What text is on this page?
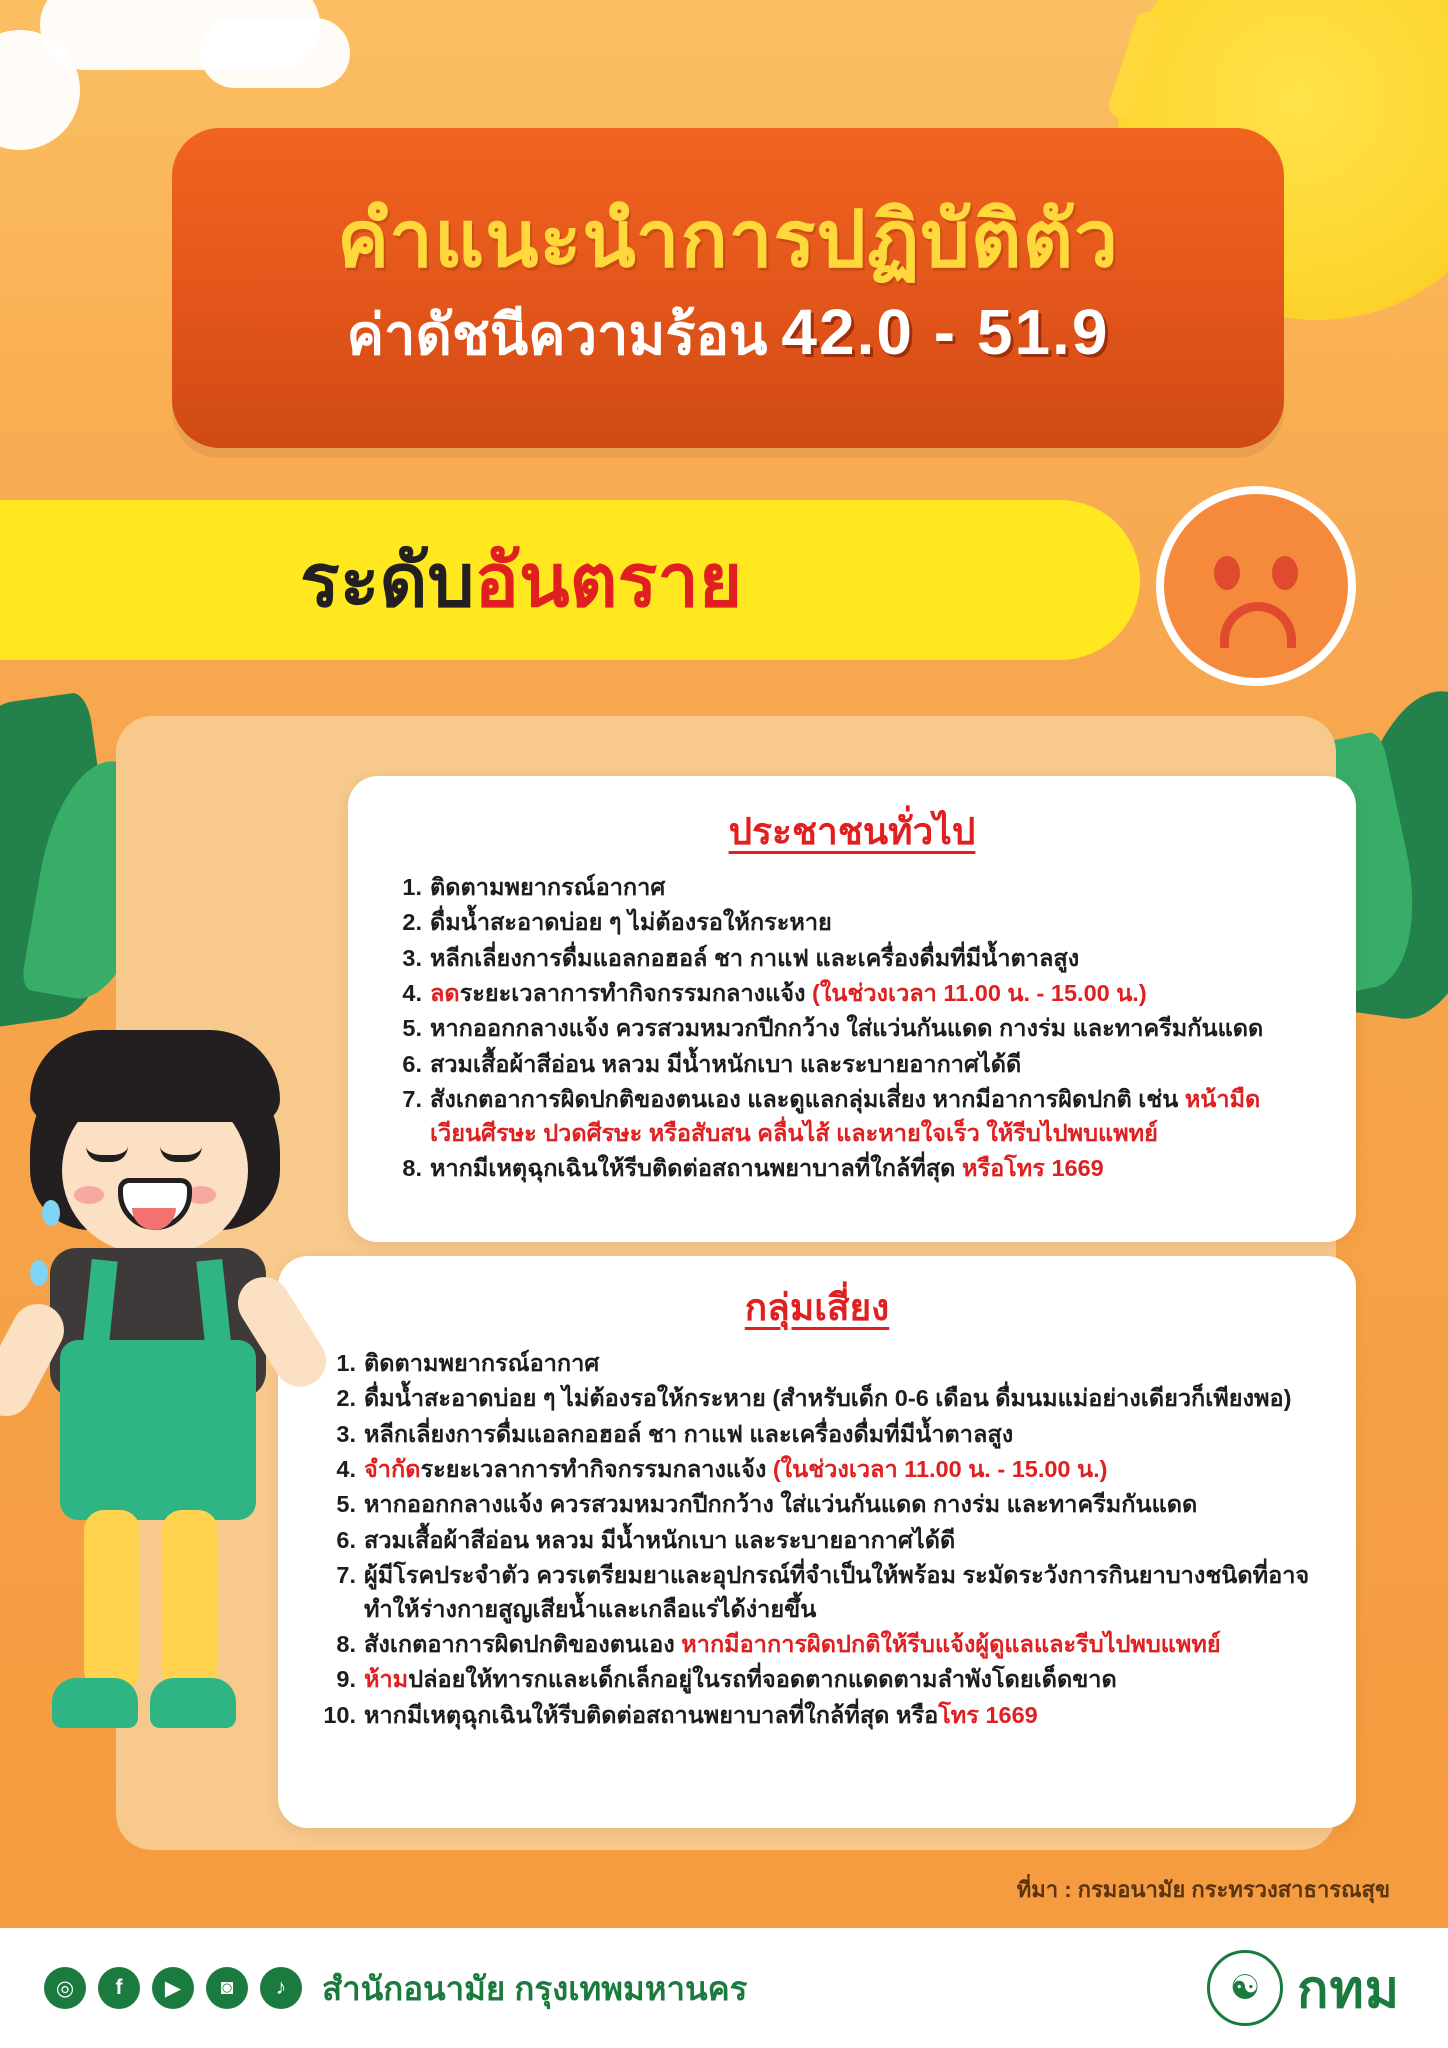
คำแนะนำการปฏิบัติตัว
ค่าดัชนีความร้อน 42.0 - 51.9
ระดับอันตราย
ประชาชนทั่วไป
1. ติดตามพยากรณ์อากาศ
2. ดื่มน้ำสะอาดบ่อย ๆ ไม่ต้องรอให้กระหาย
3. หลีกเลี่ยงการดื่มแอลกอฮอล์ ชา กาแฟ และเครื่องดื่มที่มีน้ำตาลสูง
4. ลดระยะเวลาการทำกิจกรรมกลางแจ้ง (ในช่วงเวลา 11.00 น. - 15.00 น.)
5. หากออกกลางแจ้ง ควรสวมหมวกปีกกว้าง ใส่แว่นกันแดด กางร่ม และทาครีมกันแดด
6. สวมเสื้อผ้าสีอ่อน หลวม มีน้ำหนักเบา และระบายอากาศได้ดี
7. สังเกตอาการผิดปกติของตนเอง และดูแลกลุ่มเสี่ยง หากมีอาการผิดปกติ เช่น หน้ามืด เวียนศีรษะ ปวดศีรษะ หรือสับสน คลื่นไส้ และหายใจเร็ว ให้รีบไปพบแพทย์
8. หากมีเหตุฉุกเฉินให้รีบติดต่อสถานพยาบาลที่ใกล้ที่สุด หรือโทร 1669
กลุ่มเสี่ยง
1. ติดตามพยากรณ์อากาศ
2. ดื่มน้ำสะอาดบ่อย ๆ ไม่ต้องรอให้กระหาย (สำหรับเด็ก 0-6 เดือน ดื่มนมแม่อย่างเดียวก็เพียงพอ)
3. หลีกเลี่ยงการดื่มแอลกอฮอล์ ชา กาแฟ และเครื่องดื่มที่มีน้ำตาลสูง
4. จำกัดระยะเวลาการทำกิจกรรมกลางแจ้ง (ในช่วงเวลา 11.00 น. - 15.00 น.)
5. หากออกกลางแจ้ง ควรสวมหมวกปีกกว้าง ใส่แว่นกันแดด กางร่ม และทาครีมกันแดด
6. สวมเสื้อผ้าสีอ่อน หลวม มีน้ำหนักเบา และระบายอากาศได้ดี
7. ผู้มีโรคประจำตัว ควรเตรียมยาและอุปกรณ์ที่จำเป็นให้พร้อม ระมัดระวังการกินยาบางชนิดที่อาจทำให้ร่างกายสูญเสียน้ำและเกลือแร่ได้ง่ายขึ้น
8. สังเกตอาการผิดปกติของตนเอง หากมีอาการผิดปกติให้รีบแจ้งผู้ดูแลและรีบไปพบแพทย์
9. ห้ามปล่อยให้ทารกและเด็กเล็กอยู่ในรถที่จอดตากแดดตามลำพังโดยเด็ดขาด
10. หากมีเหตุฉุกเฉินให้รีบติดต่อสถานพยาบาลที่ใกล้ที่สุด หรือโทร 1669
ที่มา : กรมอนามัย กระทรวงสาธารณสุข
◎	f	▶	◙	♪	สำนักอนามัย กรุงเทพมหานคร	☯ กทม
